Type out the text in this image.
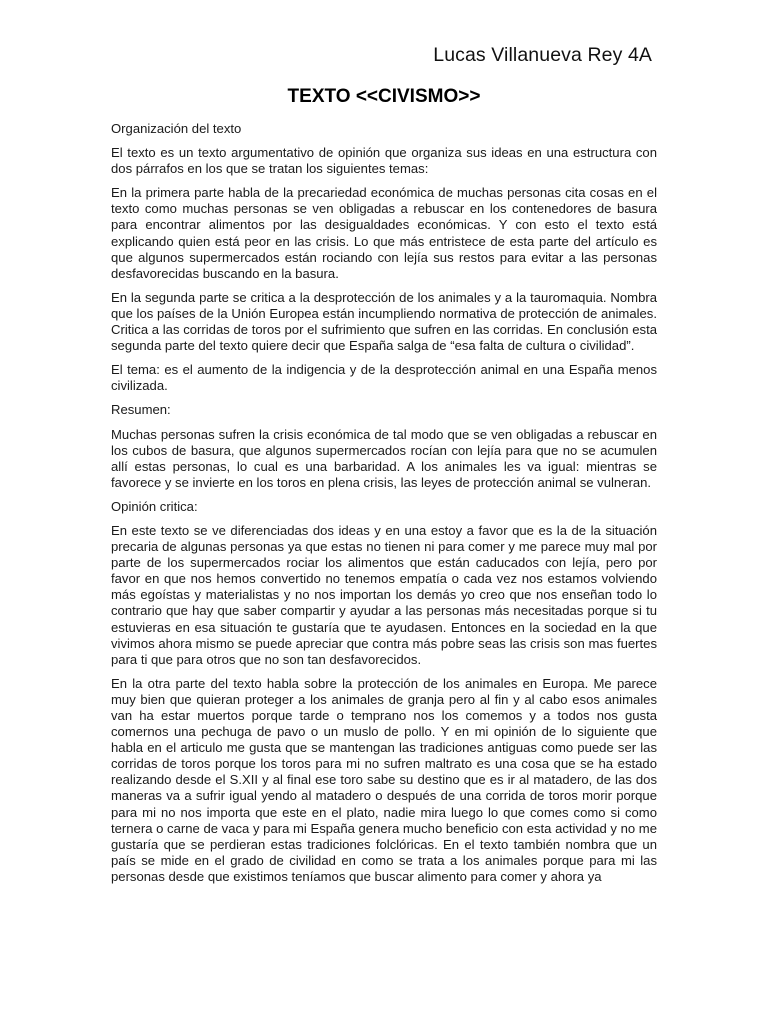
Lucas Villanueva Rey 4A
TEXTO <<CIVISMO>>

Organización del texto

El texto es un texto argumentativo de opinión que organiza sus ideas en una estructura con dos párrafos en los que se tratan los siguientes temas:

En la primera parte habla de la precariedad económica de muchas personas cita cosas en el texto como muchas personas se ven obligadas a rebuscar en los contenedores de basura para encontrar alimentos por las desigualdades económicas. Y con esto el texto está explicando quien está peor en las crisis. Lo que más entristece de esta parte del artículo es que algunos supermercados están rociando con lejía sus restos para evitar a las personas desfavorecidas buscando en la basura.

En la segunda parte se critica a la desprotección de los animales y a la tauromaquia. Nombra que los países de la Unión Europea están incumpliendo normativa de protección de animales. Critica a las corridas de toros por el sufrimiento que sufren en las corridas. En conclusión esta segunda parte del texto quiere decir que España salga de “esa falta de cultura o civilidad”.

El tema: es el aumento de la indigencia y de la desprotección animal en una España menos civilizada.

Resumen:

Muchas personas sufren la crisis económica de tal modo que se ven obligadas a rebuscar en los cubos de basura, que algunos supermercados rocían con lejía para que no se acumulen allí estas personas, lo cual es una barbaridad. A los animales les va igual: mientras se favorece y se invierte en los toros en plena crisis, las leyes de protección animal se vulneran.

Opinión critica:

En este texto se ve diferenciadas dos ideas y en una estoy a favor que es la de la situación precaria de algunas personas ya que estas no tienen ni para comer y me parece muy mal por parte de los supermercados rociar los alimentos que están caducados con lejía, pero por favor en que nos hemos convertido no tenemos empatía o cada vez nos estamos volviendo más egoístas y materialistas y no nos importan los demás yo creo que nos enseñan todo lo contrario que hay que saber compartir y ayudar a las personas más necesitadas porque si tu estuvieras en esa situación te gustaría que te ayudasen. Entonces en la sociedad en la que vivimos ahora mismo se puede apreciar que contra más pobre seas las crisis son mas fuertes para ti que para otros que no son tan desfavorecidos.

En la otra parte del texto habla sobre la protección de los animales en Europa. Me parece muy bien que quieran proteger a los animales de granja pero al fin y al cabo esos animales van ha estar muertos porque tarde o temprano nos los comemos y a todos nos gusta comernos una pechuga de pavo o un muslo de pollo. Y en mi opinión de lo siguiente que habla en el articulo me gusta que se mantengan las tradiciones antiguas como puede ser las corridas de toros porque los toros para mi no sufren maltrato es una cosa que se ha estado realizando desde el S.XII y al final ese toro sabe su destino que es ir al matadero, de las dos maneras va a sufrir igual yendo al matadero o después de una corrida de toros morir porque para mi no nos importa que este en el plato, nadie mira luego lo que comes como si como ternera o carne de vaca y para mi España genera mucho beneficio con esta actividad y no me gustaría que se perdieran estas tradiciones folclóricas. En el texto también nombra que un país se mide en el grado de civilidad en como se trata a los animales porque para mi las personas desde que existimos teníamos que buscar alimento para comer y ahora ya
